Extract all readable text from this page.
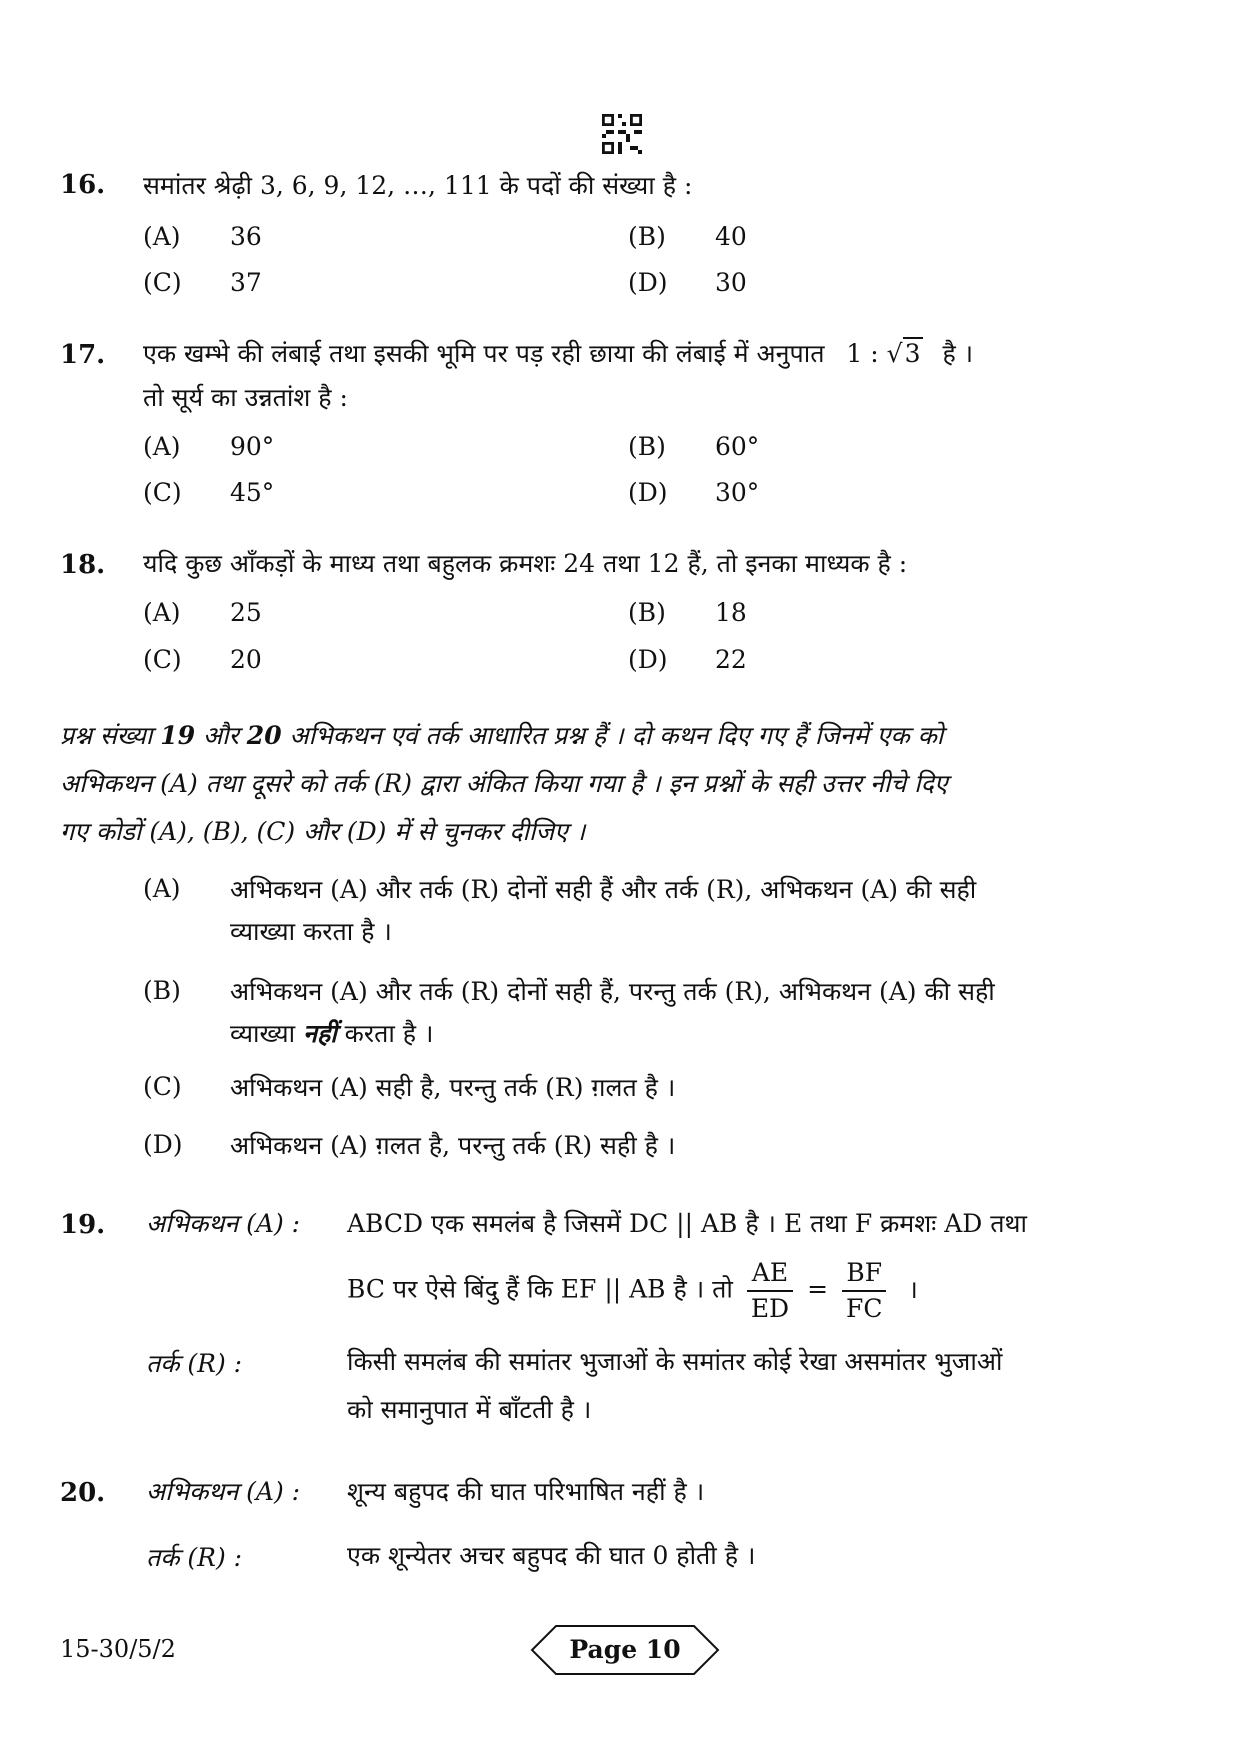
16. समांतर श्रेढ़ी 3, 6, 9, 12, …, 111 के पदों की संख्या है :
(A) 36	(B) 40
(C) 37	(D) 30
17. एक खम्भे की लंबाई तथा इसकी भूमि पर पड़ रही छाया की लंबाई में अनुपात 1 : √3 है ।
तो सूर्य का उन्नतांश है :
(A) 90°	(B) 60°
(C) 45°	(D) 30°
18. यदि कुछ आँकड़ों के माध्य तथा बहुलक क्रमशः 24 तथा 12 हैं, तो इनका माध्यक है :
(A) 25	(B) 18
(C) 20	(D) 22
प्रश्न संख्या 19 और 20 अभिकथन एवं तर्क आधारित प्रश्न हैं । दो कथन दिए गए हैं जिनमें एक को
अभिकथन (A) तथा दूसरे को तर्क (R) द्वारा अंकित किया गया है । इन प्रश्नों के सही उत्तर नीचे दिए
गए कोडों (A), (B), (C) और (D) में से चुनकर दीजिए ।
(A) अभिकथन (A) और तर्क (R) दोनों सही हैं और तर्क (R), अभिकथन (A) की सही
व्याख्या करता है ।
(B) अभिकथन (A) और तर्क (R) दोनों सही हैं, परन्तु तर्क (R), अभिकथन (A) की सही
व्याख्या नहीं करता है ।
(C) अभिकथन (A) सही है, परन्तु तर्क (R) ग़लत है ।
(D) अभिकथन (A) ग़लत है, परन्तु तर्क (R) सही है ।
19. अभिकथन (A) : ABCD एक समलंब है जिसमें DC || AB है । E तथा F क्रमशः AD तथा
BC पर ऐसे बिंदु हैं कि EF || AB है । तो $\frac{AE}{ED} = \frac{BF}{FC}$ ।
तर्क (R) :	किसी समलंब की समांतर भुजाओं के समांतर कोई रेखा असमांतर भुजाओं
को समानुपात में बाँटती है ।
20. अभिकथन (A) : शून्य बहुपद की घात परिभाषित नहीं है ।
तर्क (R) :	एक शून्येतर अचर बहुपद की घात 0 होती है ।
15-30/5/2	Page 10
